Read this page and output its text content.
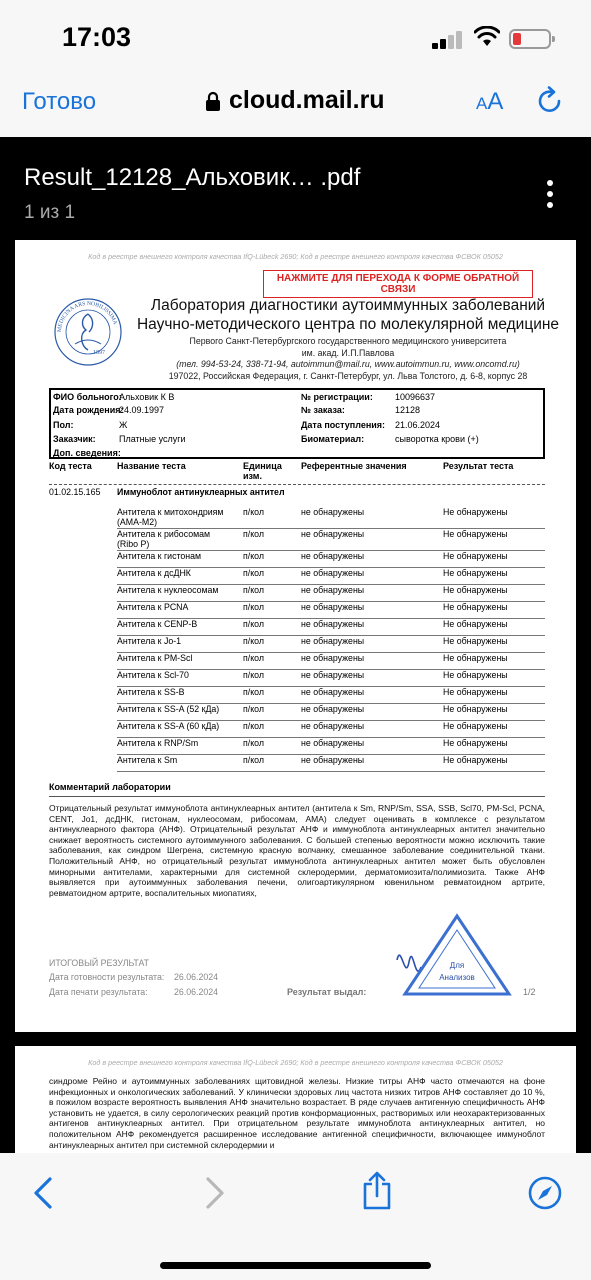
17:03
Готово	cloud.mail.ru	AA
Result_12128_Альховик… .pdf
1 из 1
Код в реестре внешнего контроля качества IfQ-Lübeck 2690; Код в реестре внешнего контроля качества ФСВОК 05052
НАЖМИТЕ ДЛЯ ПЕРЕХОДА К ФОРМЕ ОБРАТНОЙ СВЯЗИ
MEDICINA ARS NOBILISSIMA
1897
Лаборатория диагностики аутоиммунных заболеваний
Научно-методического центра по молекулярной медицине
Первого Санкт-Петербургского государственного медицинского университета
им. акад. И.П.Павлова
(тел. 994-53-24, 338-71-94, autoimmun@mail.ru, www.autoimmun.ru, www.oncomd.ru)
197022, Российская Федерация, г. Санкт-Петербург, ул. Льва Толстого, д. 6-8, корпус 28
ФИО больного:
Альховик К В
Дата рождения:
24.09.1997
Пол:	Ж
Заказчик:	Платные услуги
Доп. сведения:
№ регистрации: 10096637
№ заказа:	12128
Дата поступления: 21.06.2024
Биоматериал:	сыворотка крови (+)
Код теста	Название теста	Единица
изм.
Референтные значения	Результат теста
01.02.15.165 Иммуноблот антинуклеарных антител
Антитела к митохондриям (АМА-М2)
п/кол	не обнаружены	Не обнаружены
Антитела к рибосомам (Ribo P)
п/кол	не обнаружены	Не обнаружены
Антитела к гистонам	п/кол	не обнаружены	Не обнаружены
Антитела к дсДНК	п/кол	не обнаружены	Не обнаружены
Антитела к нуклеосомам	п/кол	не обнаружены	Не обнаружены
Антитела к PCNA	п/кол	не обнаружены	Не обнаружены
Антитела к CENP-B	п/кол	не обнаружены	Не обнаружены
Антитела к Jo-1	п/кол	не обнаружены	Не обнаружены
Антитела к PM-Scl	п/кол	не обнаружены	Не обнаружены
Антитела к Scl-70	п/кол	не обнаружены	Не обнаружены
Антитела к SS-B	п/кол	не обнаружены	Не обнаружены
Антитела к SS-A (52 кДа)	п/кол	не обнаружены	Не обнаружены
Антитела к SS-A (60 кДа)	п/кол	не обнаружены	Не обнаружены
Антитела к RNP/Sm	п/кол	не обнаружены	Не обнаружены
Антитела к Sm	п/кол	не обнаружены	Не обнаружены
Комментарий лаборатории
Отрицательный результат иммуноблота антинуклеарных антител (антитела к Sm, RNP/Sm, SSA, SSB, Scl70, PM-Scl, PCNA, CENT, Jo1, дсДНК, гистонам, нуклеосомам, рибосомам, AMA) следует оценивать в комплексе с результатом антинуклеарного фактора (АНФ). Отрицательный результат АНФ и иммуноблота антинуклеарных антител значительно снижает вероятность системного аутоиммунного заболевания. С большей степенью вероятности можно исключить такие заболевания, как синдром Шегрена, системную красную волчанку, смешанное заболевание соединительной ткани. Положительный АНФ, но отрицательный результат иммуноблота антинуклеарных антител может быть обусловлен минорными антителами, характерными для системной склеродермии, дерматомиозита/полимиозита. Также АНФ выявляется при аутоиммунных заболевания печени, олигоартикулярном ювенильном ревматоидном артрите, ревматоидном артрите, воспалительных миопатиях,
ИТОГОВЫЙ РЕЗУЛЬТАТ
Дата готовности результата: 26.06.2024
Дата печати результата:	26.06.2024	Результат выдал:	1/2
Для
Анализов
Код в реестре внешнего контроля качества IfQ-Lübeck 2690; Код в реестре внешнего контроля качества ФСВОК 05052
синдроме Рейно и аутоиммунных заболеваниях щитовидной железы. Низкие титры АНФ часто отмечаются на фоне инфекционных и онкологических заболеваний. У клинически здоровых лиц частота низких титров АНФ составляет до 10 %, в пожилом возрасте вероятность выявления АНФ значительно возрастает. В ряде случаев антигенную специфичность АНФ установить не удается, в силу серологических реакций против конформационных, растворимых или неохарактеризованных антигенов антинуклеарных антител. При отрицательном результате иммуноблота антинуклеарных антител, но положительном АНФ рекомендуется расширенное исследование антигенной специфичности, включающее иммуноблот антинуклеарных антител при системной склеродермии и
